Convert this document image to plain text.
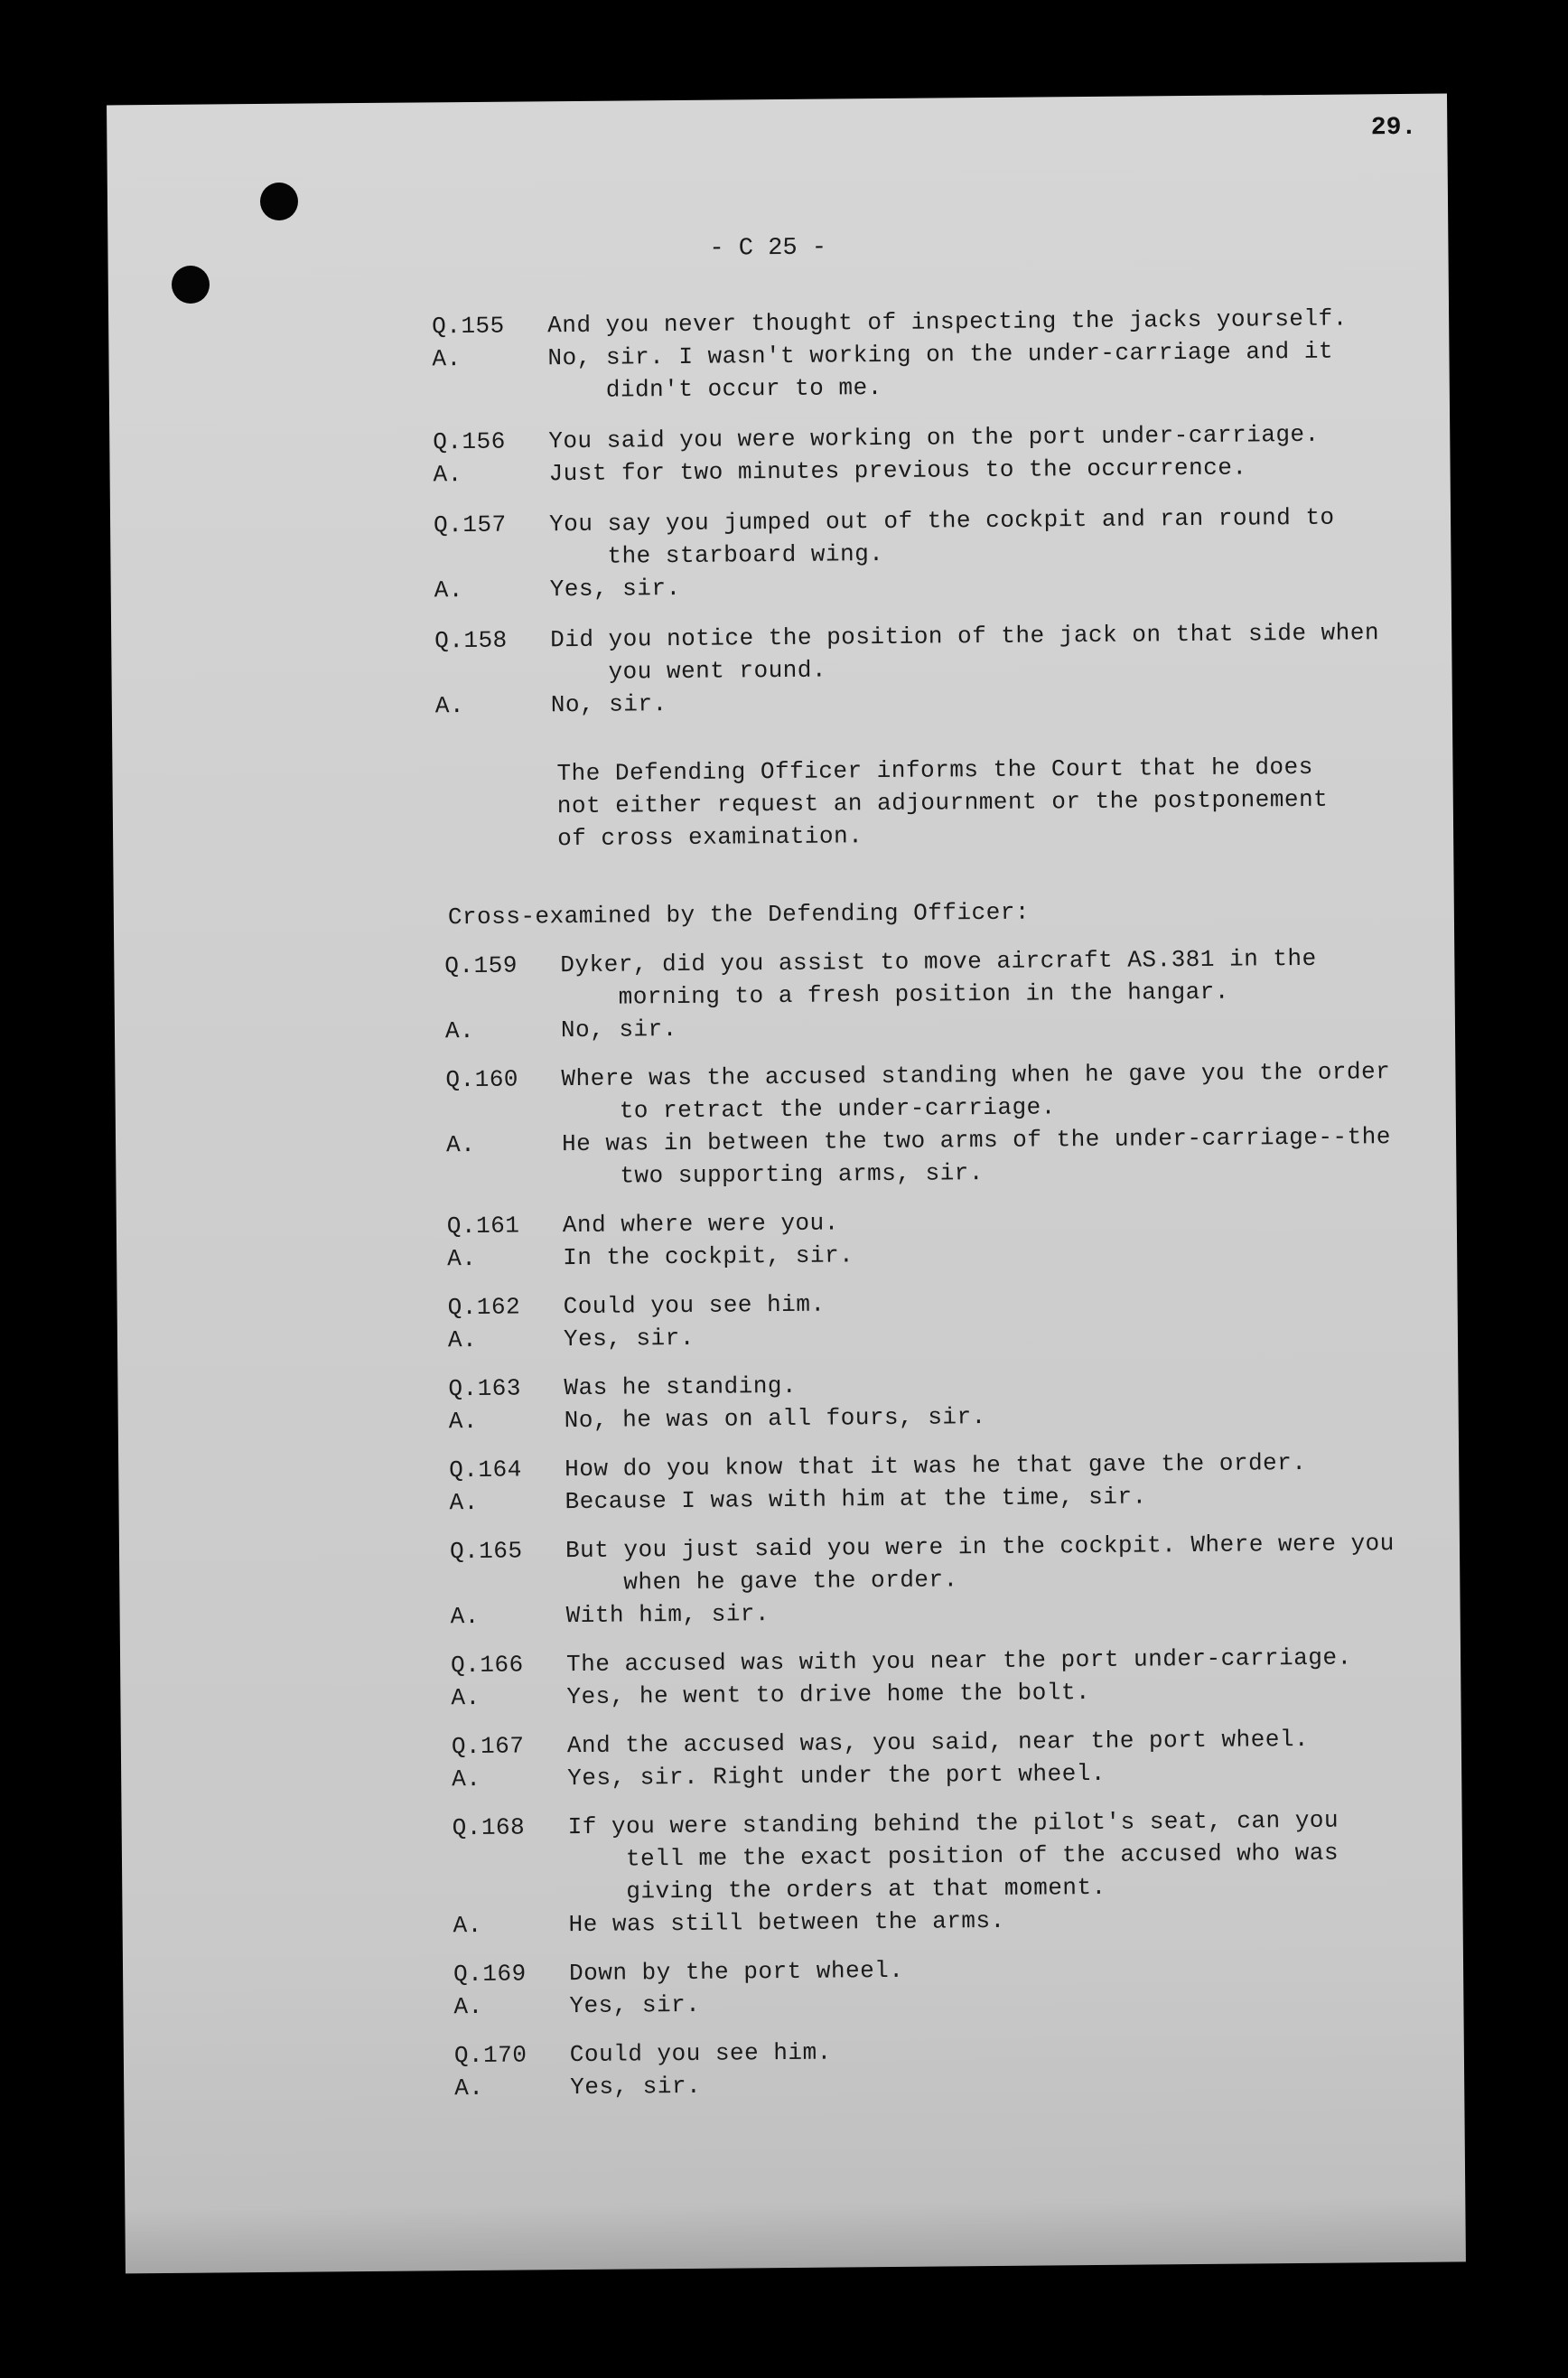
29.
- C 25 -
Q.155	And you never thought of inspecting the jacks yourself.
A.	No, sir. I wasn't working on the under-carriage and it
didn't occur to me.
Q.156	You said you were working on the port under-carriage.
A.	Just for two minutes previous to the occurrence.
Q.157	You say you jumped out of the cockpit and ran round to
the starboard wing.
A.	Yes, sir.
Q.158	Did you notice the position of the jack on that side when
you went round.
A.	No, sir.
The Defending Officer informs the Court that he does
not either request an adjournment or the postponement
of cross examination.
Cross-examined by the Defending Officer:
Q.159	Dyker, did you assist to move aircraft AS.381 in the
morning to a fresh position in the hangar.
A.	No, sir.
Q.160	Where was the accused standing when he gave you the order
to retract the under-carriage.
A.	He was in between the two arms of the under-carriage--the
two supporting arms, sir.
Q.161	And where were you.
A.	In the cockpit, sir.
Q.162	Could you see him.
A.	Yes, sir.
Q.163	Was he standing.
A.	No, he was on all fours, sir.
Q.164	How do you know that it was he that gave the order.
A.	Because I was with him at the time, sir.
Q.165	But you just said you were in the cockpit. Where were you
when he gave the order.
A.	With him, sir.
Q.166	The accused was with you near the port under-carriage.
A.	Yes, he went to drive home the bolt.
Q.167	And the accused was, you said, near the port wheel.
A.	Yes, sir. Right under the port wheel.
Q.168	If you were standing behind the pilot's seat, can you
tell me the exact position of the accused who was
giving the orders at that moment.
A.	He was still between the arms.
Q.169	Down by the port wheel.
A.	Yes, sir.
Q.170	Could you see him.
A.	Yes, sir.
